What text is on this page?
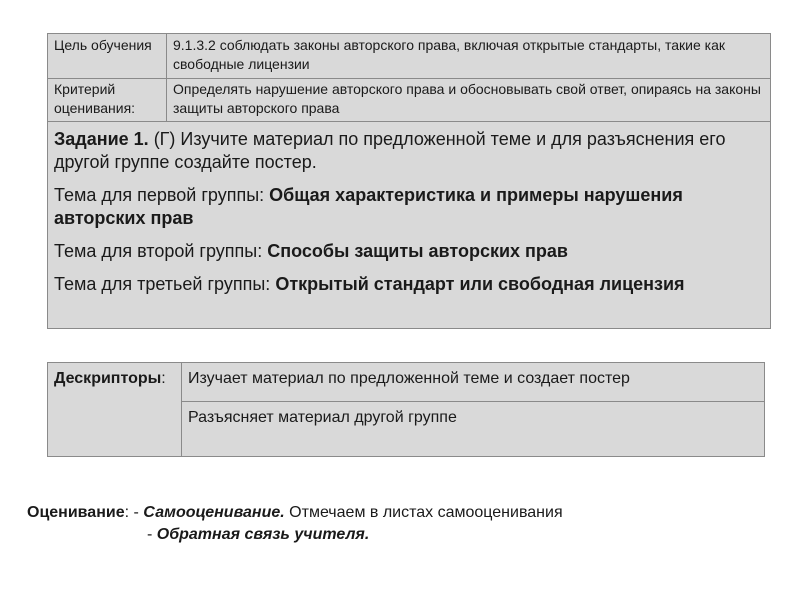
Цель обучения	9.1.3.2 соблюдать законы авторского права, включая открытые стандарты, такие как свободные лицензии
Критерий оценивания:	Определять нарушение авторского права и обосновывать свой ответ, опираясь на законы защиты авторского права

Задание 1. (Г) Изучите материал по предложенной теме и для разъяснения его другой группе создайте постер.

Тема для первой группы: Общая характеристика и примеры нарушения авторских прав

Тема для второй группы: Способы защиты авторских прав

Тема для третьей группы: Открытый стандарт или свободная лицензия	

Дескрипторы:	Изучает материал по предложенной теме и создает постер
Разъясняет материал другой группе
Оценивание: - Самооценивание. Отмечаем в листах самооценивания
- Обратная связь учителя.
